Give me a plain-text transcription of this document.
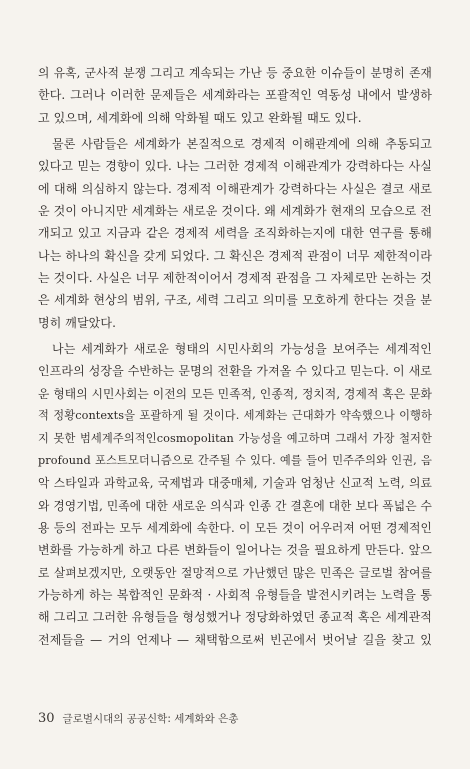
의 유혹, 군사적 분쟁 그리고 계속되는 가난 등 중요한 이슈들이 분명히 존재
한다. 그러나 이러한 문제들은 세계화라는 포괄적인 역동성 내에서 발생하
고 있으며, 세계화에 의해 악화될 때도 있고 완화될 때도 있다.
물론 사람들은 세계화가 본질적으로 경제적 이해관계에 의해 추동되고
있다고 믿는 경향이 있다. 나는 그러한 경제적 이해관계가 강력하다는 사실
에 대해 의심하지 않는다. 경제적 이해관계가 강력하다는 사실은 결코 새로
운 것이 아니지만 세계화는 새로운 것이다. 왜 세계화가 현재의 모습으로 전
개되고 있고 지금과 같은 경제적 세력을 조직화하는지에 대한 연구를 통해
나는 하나의 확신을 갖게 되었다. 그 확신은 경제적 관점이 너무 제한적이라
는 것이다. 사실은 너무 제한적이어서 경제적 관점을 그 자체로만 논하는 것
은 세계화 현상의 범위, 구조, 세력 그리고 의미를 모호하게 한다는 것을 분
명히 깨달았다.
나는 세계화가 새로운 형태의 시민사회의 가능성을 보여주는 세계적인
인프라의 성장을 수반하는 문명의 전환을 가져올 수 있다고 믿는다. 이 새로
운 형태의 시민사회는 이전의 모든 민족적, 인종적, 정치적, 경제적 혹은 문화
적 정황contexts을 포괄하게 될 것이다. 세계화는 근대화가 약속했으나 이행하
지 못한 범세계주의적인cosmopolitan 가능성을 예고하며 그래서 가장 철저한
profound 포스트모더니즘으로 간주될 수 있다. 예를 들어 민주주의와 인권, 음
악 스타일과 과학교육, 국제법과 대중매체, 기술과 엄청난 신교적 노력, 의료
와 경영기법, 민족에 대한 새로운 의식과 인종 간 결혼에 대한 보다 폭넓은 수
용 등의 전파는 모두 세계화에 속한다. 이 모든 것이 어우러져 어떤 경제적인
변화를 가능하게 하고 다른 변화들이 일어나는 것을 필요하게 만든다. 앞으
로 살펴보겠지만, 오랫동안 절망적으로 가난했던 많은 민족은 글로벌 참여를
가능하게 하는 복합적인 문화적 · 사회적 유형들을 발전시키려는 노력을 통
해 그리고 그러한 유형들을 형성했거나 정당화하였던 종교적 혹은 세계관적
전제들을 — 거의 언제나 — 채택함으로써 빈곤에서 벗어날 길을 찾고 있
30 글로벌시대의 공공신학: 세계화와 은총
